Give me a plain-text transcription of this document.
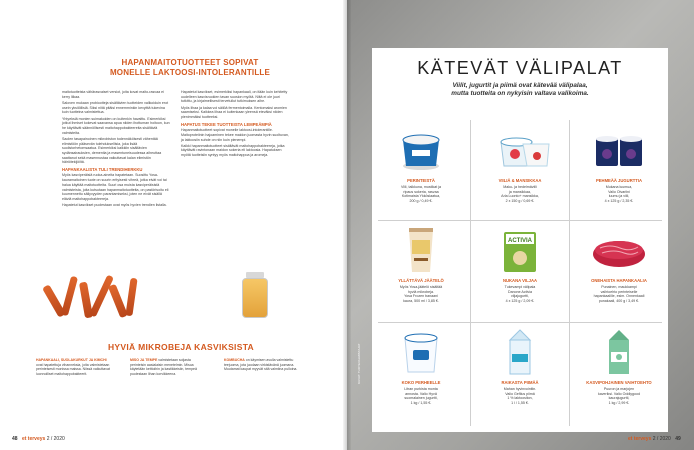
HAPANMAITOTUOTTEET SOPIVAT
MONELLE LAKTOOSI-INTOLERANTILLE

maitotuotteista vähärasvaiset versiot, joita kovat maito-rasvaa ei kerry liikaa.

Saloven mukaan probiootteja sisältävien tuotteiden valikoiduin erot usein yksilöllisiä. Siksi niitä pitäisi ennemminkin kevyittä tukevina kuin tuotteina valmistettua.

Yhtyeksiä monien suimakoiden on kuitenkin havaittu. Esimerkiksi jotkut ihmiset kokevat saavansa apua niiden ihottuman hoitoon, kun he käyttävät säännöllisesti maitohappobakteereita sisältäviä valmisteita.

Saolen tasapainoinen mikrobiston todennäköisesti vähentää elimistöön pääsevän tulehduksellisia, joka lisää suolistorhetomsaatua. Esimerkiksi kaikkiin sisältävien sydänsairauksien, dementia ja masentuneisuudessa aiheuttaa saattanut sekä masennustaa vaikuttavat kalan elimistön häiriötekijöiltä.

HAPANKAALISTA TULI TRENDIHERKKU

Myös kasviperäisiä ruoka-aineita hapatetaan. Suosittu Yosa-kauramaitoinen tuote on suurin erityisesti vihreä, jotka eivät voi tai halua käyttää maitotuotteita. Suuri osa muista kasviperäisistä valmisteista, joita kutsutaan hapanmaitotuotteita, on pastörisoitu eli kuumennettu säilyvyyden parantamiseksi, joten ne eivät sisällä eläviä maitohappobakteereja.

Hapatetut kasvikset puolestaan ovat myös hyvien trendien listalla.

Hapatetut kasvikset, esimerkiksi hapankaali, on itään kuin kehitetty uudelleen kasvisruokien tavan suosion myötä. Niitä ei ole juuri tutkittu, ja kirjaimellisesti tervetullut tutkimuksen aihe.

Myös lihaa ja kalaa voi säilöä fermentoimalla. Kentomaksi aromien saamiseksi. Kaikkea lihaa ei kuitenkaan yleensä eteväksi niiden pienimmäksi tuotteeksi.

HAPATUS TEKEE TUOTTEISTA LEMPEÄMPIÄ

Hapanmaitotuotteet sopivat monelle laktoosi-intolerantille. Maitoproteiinin hajoaminen tekee maidon juomasta hyvin suoltuvan, ja laktoosiin suhde on niin kuin pienempi.

Kaikki hapanmaitotuotteet sisältävät maitohappobakteereja, jotka käyttävät ravintonaan maidon sokeria eli laktoosia. Hapatuksen myötä tuotteisiin syntyy myös maitohappoa ja aromeja.

HYVIÄ MIKROBEJA KASVIKSISTA
HAPANKAALI, SUOLAKURKUT JA KIMCHI ovat hapatettuja vihanneksia, joita valmistetaan perinteisesti monissa maissa. Niissä vaikuttavat luonnolliset maitohappobakteerit.
MISO JA TEMPE valmistetaan soijasta perinteisin aasialaisin menetelmin. Misoa käytetään keittoihin ja kastikkeisiin, tempeä puolestaan lihan korvikkeena.
KOMBUCHA on käymisen avulla valmistettu teejuoma, jota juodaan virkistävänä juomana. Muutamat kaupat myyvät sitä valmiina pulloina.
48 et terveys 2 / 2020	et terveys 2 / 2020 49
KUVAT: TUOTEVALMISTAJAT
KÄTEVÄT VÄLIPALAT
Viilit, jugurtit ja piimä ovat kätevää välipalaa,
mutta tuotteita on nykyisin valtava valikoima.
PERINTEISTÄ
Viili, talkkuna, mustikat ja
ripaus sokeria, rasvaa
Kotimaista Ykköslaatua,
200 g / 0,49 €.
VIILIÄ & MANSIKKAA
Maku- ja hedelmäviili
ja mansikkaa,
Arla Luonto+ mansikka,
2 x 150 g / 0,69 €.
PEHMEÄÄ JUGURTTIA
Mukana luumua,
Valio Oivariini
luumu ja viili,
4 x 125 g / 2,35 €.
YLLÄTTÄVÄ JÄÄTELÖ
Myös Yosa-jäätelö sisältää
hyviä mikrobeja.
Yosa Frozen banaani
kaura, 500 ml / 3,85 €.
ACTIVIA
NUKANA VILJAA
Tukevampi välipala
Danone Activia
viljajugurtti,
4 x 125 g / 2,09 €.
ONEHAISTA HAPANKAALIA
Punainen, maukkampi
vaihtoehto perinteiselle
hapankaalille, esim. Onnenkaali
punakaali, 400 g / 3,49 €.
KOKO PERHEELLE
Litran purkista monta
annosta. Valio Hyvä
suomalainen jugurtti,
1 kg / 1,55 €.
RAIKASTA PIIMÄÄ
Mahan hyvinvointiin.
Valio Gefilus piimä
1 % laktoositon,
1 l / 1,55 €.
KASVIPOHJAINEN VAIHTOEHTO
Puuron ja marjojen
kaveriksi. Valio Oddlygood
kaurajugurtti,
1 kg / 2,99 €.
